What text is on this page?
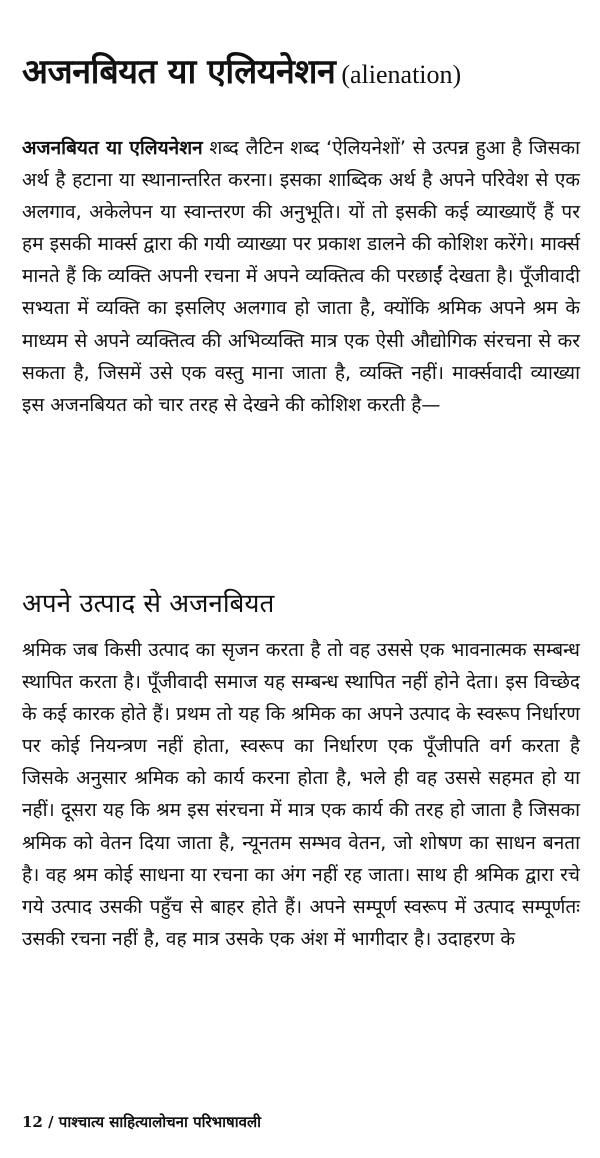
अजनबियत या एलियनेशन (alienation)

अजनबियत या एलियनेशन शब्द लैटिन शब्द ‘ऐलियनेशों’ से उत्पन्न हुआ है जिसका अर्थ है हटाना या स्थानान्तरित करना। इसका शाब्दिक अर्थ है अपने परिवेश से एक अलगाव, अकेलेपन या स्वान्तरण की अनुभूति। यों तो इसकी कई व्याख्याएँ हैं पर हम इसकी मार्क्स द्वारा की गयी व्याख्या पर प्रकाश डालने की कोशिश करेंगे। मार्क्स मानते हैं कि व्यक्ति अपनी रचना में अपने व्यक्तित्व की परछाईं देखता है। पूँजीवादी सभ्यता में व्यक्ति का इसलिए अलगाव हो जाता है, क्योंकि श्रमिक अपने श्रम के माध्यम से अपने व्यक्तित्व की अभिव्यक्ति मात्र एक ऐसी औद्योगिक संरचना से कर सकता है, जिसमें उसे एक वस्तु माना जाता है, व्यक्ति नहीं। मार्क्सवादी व्याख्या इस अजनबियत को चार तरह से देखने की कोशिश करती है—

अपने उत्पाद से अजनबियत

श्रमिक जब किसी उत्पाद का सृजन करता है तो वह उससे एक भावनात्मक सम्बन्ध स्थापित करता है। पूँजीवादी समाज यह सम्बन्ध स्थापित नहीं होने देता। इस विच्छेद के कई कारक होते हैं। प्रथम तो यह कि श्रमिक का अपने उत्पाद के स्वरूप निर्धारण पर कोई नियन्त्रण नहीं होता, स्वरूप का निर्धारण एक पूँजीपति वर्ग करता है जिसके अनुसार श्रमिक को कार्य करना होता है, भले ही वह उससे सहमत हो या नहीं। दूसरा यह कि श्रम इस संरचना में मात्र एक कार्य की तरह हो जाता है जिसका श्रमिक को वेतन दिया जाता है, न्यूनतम सम्भव वेतन, जो शोषण का साधन बनता है। वह श्रम कोई साधना या रचना का अंग नहीं रह जाता। साथ ही श्रमिक द्वारा रचे गये उत्पाद उसकी पहुँच से बाहर होते हैं। अपने सम्पूर्ण स्वरूप में उत्पाद सम्पूर्णतः उसकी रचना नहीं है, वह मात्र उसके एक अंश में भागीदार है। उदाहरण के

12 / पाश्चात्य साहित्यालोचना परिभाषावली
